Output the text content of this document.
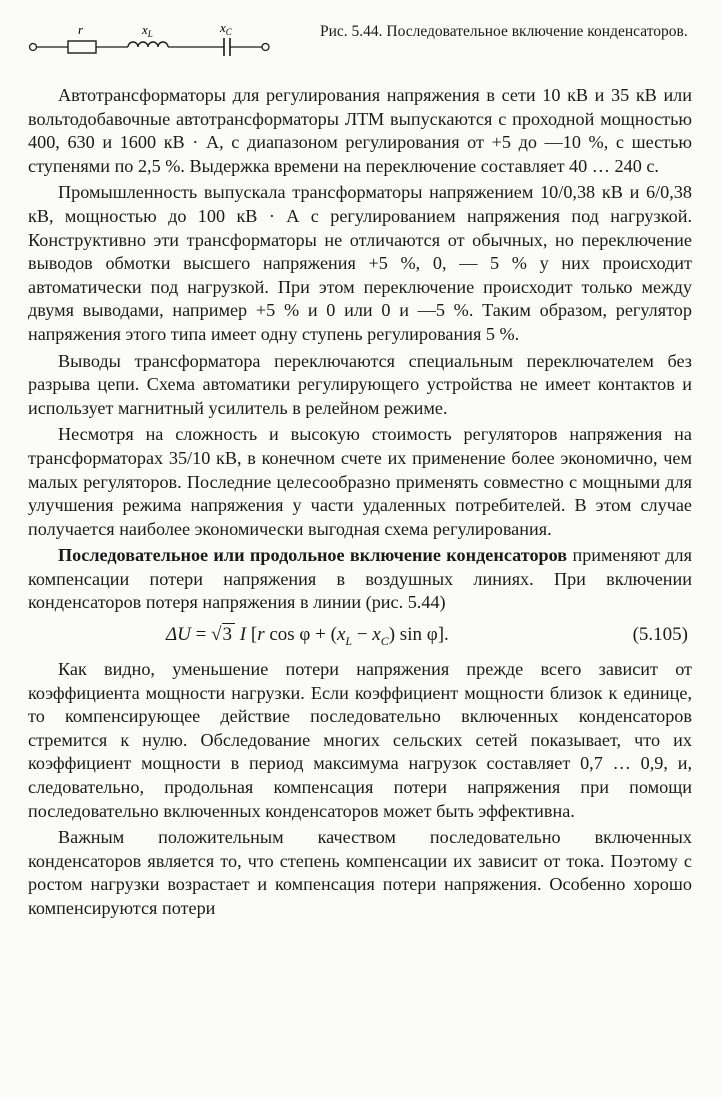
r	$x_L$	$x_C$	Рис. 5.44. Последовательное включение конденсаторов.

Автотрансформаторы для регулирования напряжения в сети 10 кВ и 35 кВ или вольтодобавочные автотрансформаторы ЛТМ выпускаются с проходной мощностью 400, 630 и 1600 кВ · А, с диапазоном регулирования от +5 до —10 %, с шестью ступенями по 2,5 %. Выдержка времени на переключение составляет 40 … 240 с.

Промышленность выпускала трансформаторы напряжением 10/0,38 кВ и 6/0,38 кВ, мощностью до 100 кВ · А с регулированием напряжения под нагрузкой. Конструктивно эти трансформаторы не отличаются от обычных, но переключение выводов обмотки высшего напряжения +5 %, 0, — 5 % у них происходит автоматически под нагрузкой. При этом переключение происходит только между двумя выводами, например +5 % и 0 или 0 и —5 %. Таким образом, регулятор напряжения этого типа имеет одну ступень регулирования 5 %.

Выводы трансформатора переключаются специальным переключателем без разрыва цепи. Схема автоматики регулирующего устройства не имеет контактов и использует магнитный усилитель в релейном режиме.

Несмотря на сложность и высокую стоимость регуляторов напряжения на трансформаторах 35/10 кВ, в конечном счете их применение более экономично, чем малых регуляторов. Последние целесообразно применять совместно с мощными для улучшения режима напряжения у части удаленных потребителей. В этом случае получается наиболее экономически выгодная схема регулирования.

Последовательное или продольное включение конденсаторов применяют для компенсации потери напряжения в воздушных линиях. При включении конденсаторов потеря напряжения в линии (рис. 5.44)

ΔU = √3 I [r $\cos \varphi + (x_L - x_C)$ sin φ].	(5.105)

Как видно, уменьшение потери напряжения прежде всего зависит от коэффициента мощности нагрузки. Если коэффициент мощности близок к единице, то компенсирующее действие последовательно включенных конденсаторов стремится к нулю. Обследование многих сельских сетей показывает, что их коэффициент мощности в период максимума нагрузок составляет 0,7 … 0,9, и, следовательно, продольная компенсация потери напряжения при помощи последовательно включенных конденсаторов может быть эффективна.

Важным положительным качеством последовательно включенных конденсаторов является то, что степень компенсации их зависит от тока. Поэтому с ростом нагрузки возрастает и компенсация потери напряжения. Особенно хорошо компенсируются потери
